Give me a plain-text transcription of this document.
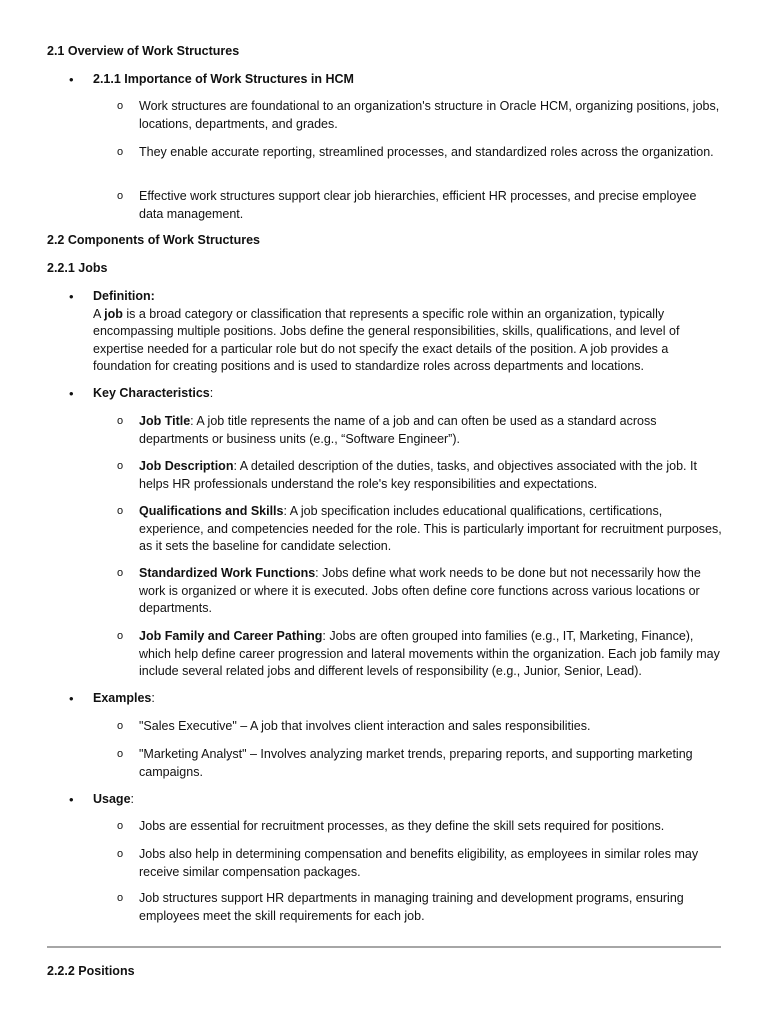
2.1 Overview of Work Structures
• 2.1.1 Importance of Work Structures in HCM
o Work structures are foundational to an organization's structure in Oracle HCM, organizing positions, jobs, locations, departments, and grades.
o They enable accurate reporting, streamlined processes, and standardized roles across the organization.
o Effective work structures support clear job hierarchies, efficient HR processes, and precise employee data management.
2.2 Components of Work Structures
2.2.1 Jobs
• Definition:
A job is a broad category or classification that represents a specific role within an organization, typically encompassing multiple positions. Jobs define the general responsibilities, skills, qualifications, and level of expertise needed for a particular role but do not specify the exact details of the position. A job provides a foundation for creating positions and is used to standardize roles across departments and locations.
• Key Characteristics:
o Job Title: A job title represents the name of a job and can often be used as a standard across departments or business units (e.g., “Software Engineer”).
o Job Description: A detailed description of the duties, tasks, and objectives associated with the job. It helps HR professionals understand the role's key responsibilities and expectations.
o Qualifications and Skills: A job specification includes educational qualifications, certifications, experience, and competencies needed for the role. This is particularly important for recruitment purposes, as it sets the baseline for candidate selection.
o Standardized Work Functions: Jobs define what work needs to be done but not necessarily how the work is organized or where it is executed. Jobs often define core functions across various locations or departments.
o Job Family and Career Pathing: Jobs are often grouped into families (e.g., IT, Marketing, Finance), which help define career progression and lateral movements within the organization. Each job family may include several related jobs and different levels of responsibility (e.g., Junior, Senior, Lead).
• Examples:
o "Sales Executive" – A job that involves client interaction and sales responsibilities.
o "Marketing Analyst" – Involves analyzing market trends, preparing reports, and supporting marketing campaigns.
• Usage:
o Jobs are essential for recruitment processes, as they define the skill sets required for positions.
o Jobs also help in determining compensation and benefits eligibility, as employees in similar roles may receive similar compensation packages.
o Job structures support HR departments in managing training and development programs, ensuring employees meet the skill requirements for each job.
2.2.2 Positions
